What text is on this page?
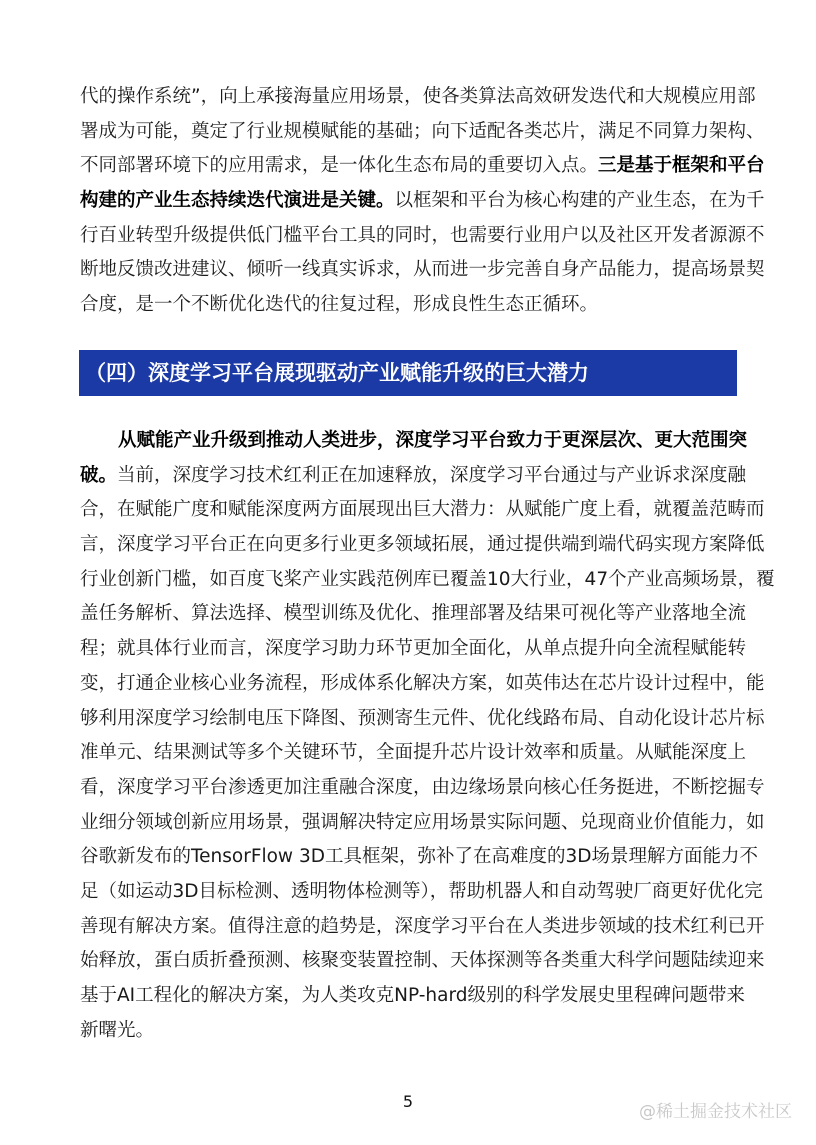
代的操作系统”，向上承接海量应用场景，使各类算法高效研发迭代和大规模应用部
署成为可能，奠定了行业规模赋能的基础；向下适配各类芯片，满足不同算力架构、
不同部署环境下的应用需求，是一体化生态布局的重要切入点。三是基于框架和平台
构建的产业生态持续迭代演进是关键。以框架和平台为核心构建的产业生态，在为千
行百业转型升级提供低门槛平台工具的同时，也需要行业用户以及社区开发者源源不
断地反馈改进建议、倾听一线真实诉求，从而进一步完善自身产品能力，提高场景契
合度，是一个不断优化迭代的往复过程，形成良性生态正循环。
（四）深度学习平台展现驱动产业赋能升级的巨大潜力
从赋能产业升级到推动人类进步，深度学习平台致力于更深层次、更大范围突
破。当前，深度学习技术红利正在加速释放，深度学习平台通过与产业诉求深度融
合，在赋能广度和赋能深度两方面展现出巨大潜力：从赋能广度上看，就覆盖范畴而
言，深度学习平台正在向更多行业更多领域拓展，通过提供端到端代码实现方案降低
行业创新门槛，如百度飞桨产业实践范例库已覆盖10大行业，47个产业高频场景，覆
盖任务解析、算法选择、模型训练及优化、推理部署及结果可视化等产业落地全流
程；就具体行业而言，深度学习助力环节更加全面化，从单点提升向全流程赋能转
变，打通企业核心业务流程，形成体系化解决方案，如英伟达在芯片设计过程中，能
够利用深度学习绘制电压下降图、预测寄生元件、优化线路布局、自动化设计芯片标
准单元、结果测试等多个关键环节，全面提升芯片设计效率和质量。从赋能深度上
看，深度学习平台渗透更加注重融合深度，由边缘场景向核心任务挺进，不断挖掘专
业细分领域创新应用场景，强调解决特定应用场景实际问题、兑现商业价值能力，如
谷歌新发布的TensorFlow 3D工具框架，弥补了在高难度的3D场景理解方面能力不
足（如运动3D目标检测、透明物体检测等），帮助机器人和自动驾驶厂商更好优化完
善现有解决方案。值得注意的趋势是，深度学习平台在人类进步领域的技术红利已开
始释放，蛋白质折叠预测、核聚变装置控制、天体探测等各类重大科学问题陆续迎来
基于AI工程化的解决方案，为人类攻克NP-hard级别的科学发展史里程碑问题带来
新曙光。
5
@稀土掘金技术社区
